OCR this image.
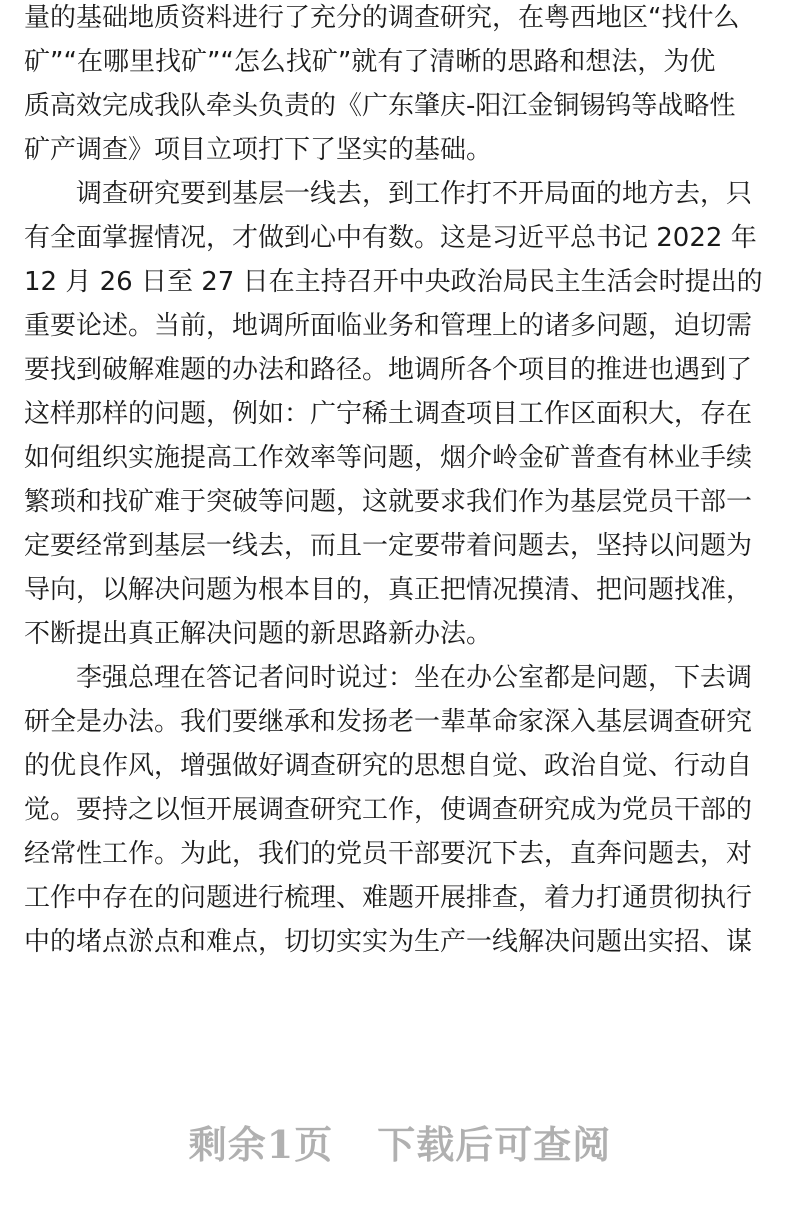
量的基础地质资料进行了充分的调查研究，在粤西地区“找什么
矿”“在哪里找矿”“怎么找矿”就有了清晰的思路和想法，为优
质高效完成我队牵头负责的《广东肇庆-阳江金铜锡钨等战略性
矿产调查》项目立项打下了坚实的基础。
调查研究要到基层一线去，到工作打不开局面的地方去，只
有全面掌握情况，才做到心中有数。这是习近平总书记 2022 年
12 月 26 日至 27 日在主持召开中央政治局民主生活会时提出的
重要论述。当前，地调所面临业务和管理上的诸多问题，迫切需
要找到破解难题的办法和路径。地调所各个项目的推进也遇到了
这样那样的问题，例如：广宁稀土调查项目工作区面积大，存在
如何组织实施提高工作效率等问题，烟介岭金矿普查有林业手续
繁琐和找矿难于突破等问题，这就要求我们作为基层党员干部一
定要经常到基层一线去，而且一定要带着问题去，坚持以问题为
导向，以解决问题为根本目的，真正把情况摸清、把问题找准，
不断提出真正解决问题的新思路新办法。
李强总理在答记者问时说过：坐在办公室都是问题，下去调
研全是办法。我们要继承和发扬老一辈革命家深入基层调查研究
的优良作风，增强做好调查研究的思想自觉、政治自觉、行动自
觉。要持之以恒开展调查研究工作，使调查研究成为党员干部的
经常性工作。为此，我们的党员干部要沉下去，直奔问题去，对
工作中存在的问题进行梳理、难题开展排查，着力打通贯彻执行
中的堵点淤点和难点，切切实实为生产一线解决问题出实招、谋
剩余1页 下载后可查阅
